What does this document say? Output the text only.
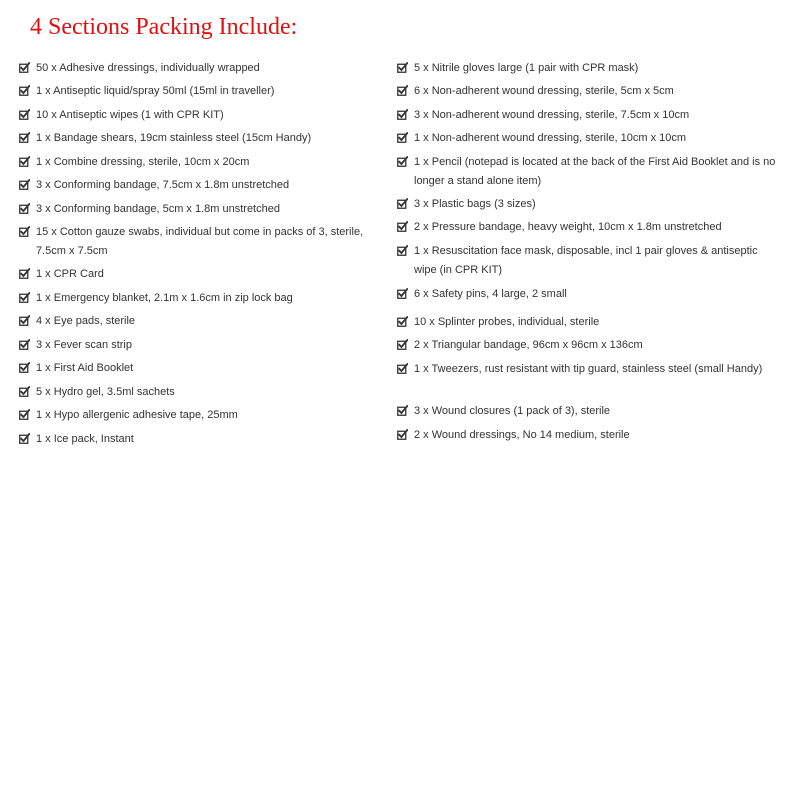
4 Sections Packing Include:
50 x Adhesive dressings, individually wrapped
1 x Antiseptic liquid/spray 50ml (15ml in traveller)
10 x Antiseptic wipes (1 with CPR KIT)
1 x Bandage shears, 19cm stainless steel (15cm Handy)
1 x Combine dressing, sterile, 10cm x 20cm
3 x Conforming bandage, 7.5cm x 1.8m unstretched
3 x Conforming bandage, 5cm x 1.8m unstretched
15 x Cotton gauze swabs, individual but come in packs of 3, sterile, 7.5cm x 7.5cm
1 x CPR Card
1 x Emergency blanket, 2.1m x 1.6cm in zip lock bag
4 x Eye pads, sterile
3 x Fever scan strip
1 x First Aid Booklet
5 x Hydro gel, 3.5ml sachets
1 x Hypo allergenic adhesive tape, 25mm
1 x Ice pack, Instant
5 x Nitrile gloves large (1 pair with CPR mask)
6 x Non-adherent wound dressing, sterile, 5cm x 5cm
3 x Non-adherent wound dressing, sterile, 7.5cm x 10cm
1 x Non-adherent wound dressing, sterile, 10cm x 10cm
1 x Pencil (notepad is located at the back of the First Aid Booklet and is no longer a stand alone item)
3 x Plastic bags (3 sizes)
2 x Pressure bandage, heavy weight, 10cm x 1.8m unstretched
1 x Resuscitation face mask, disposable, incl 1 pair gloves & antiseptic wipe (in CPR KIT)
6 x Safety pins, 4 large, 2 small
10 x Splinter probes, individual, sterile
2 x Triangular bandage, 96cm x 96cm x 136cm
1 x Tweezers, rust resistant with tip guard, stainless steel (small Handy)
3 x Wound closures (1 pack of 3), sterile
2 x Wound dressings, No 14 medium, sterile
